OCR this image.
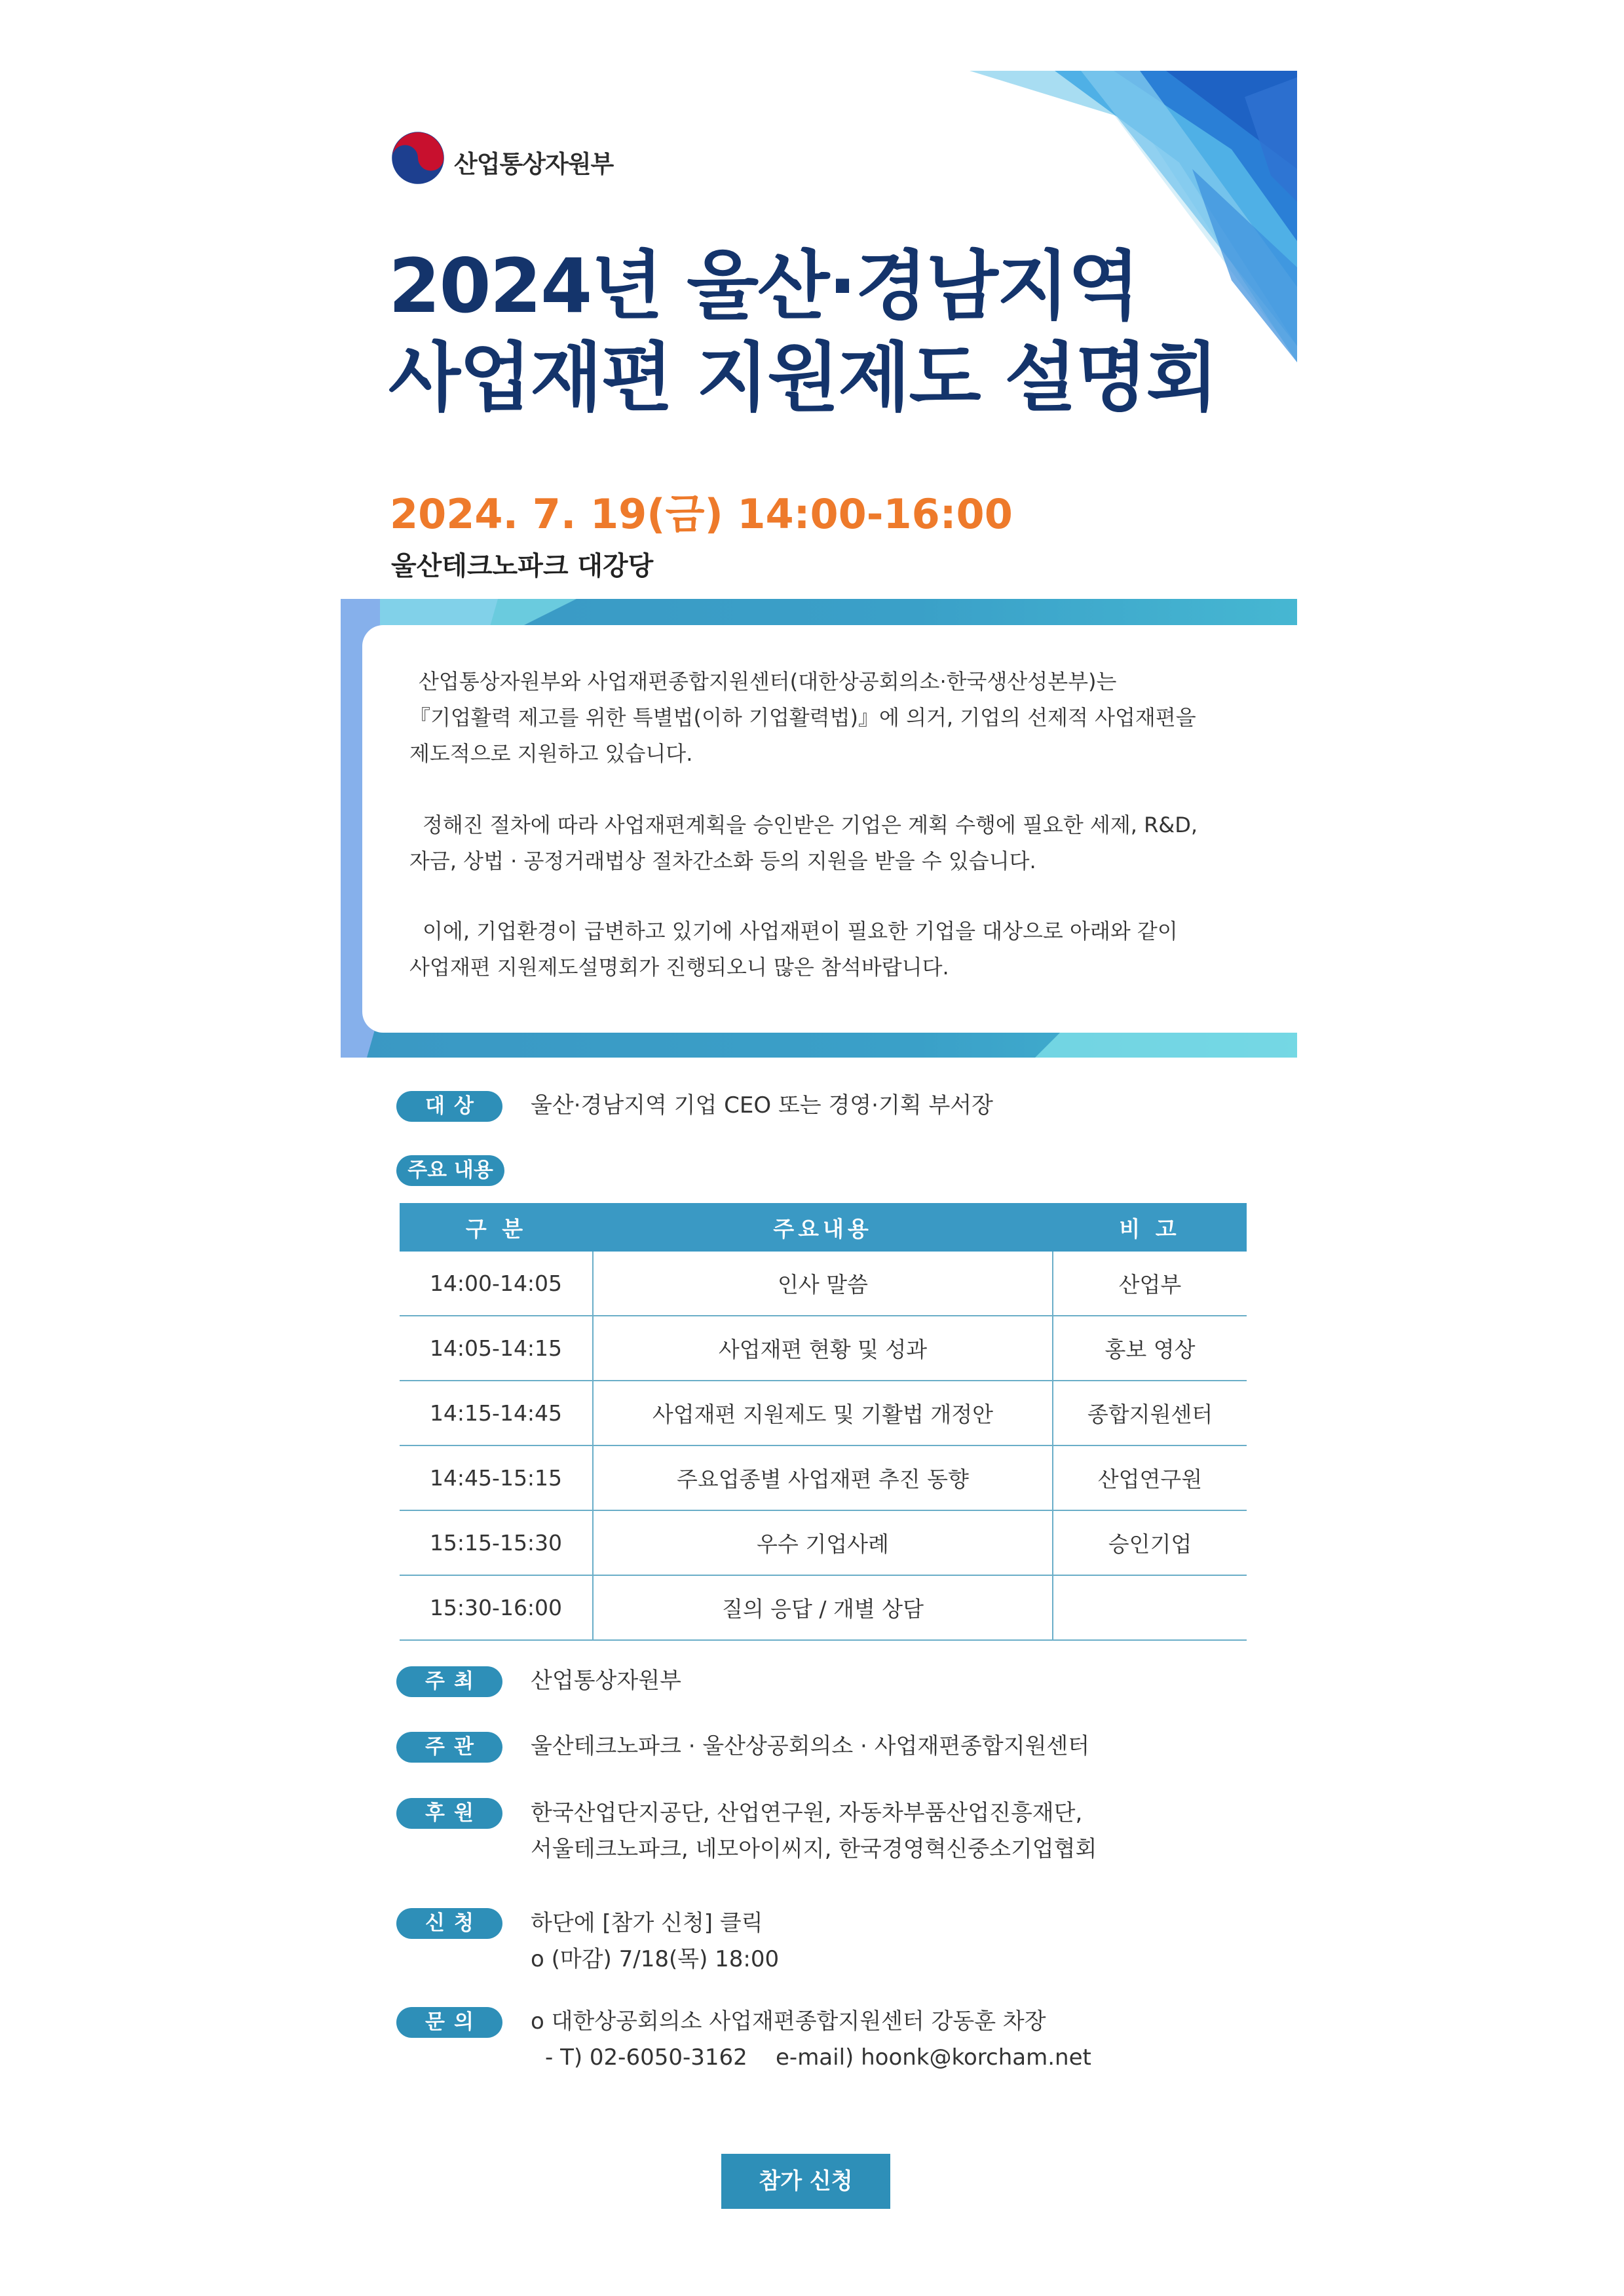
산업통상자원부
2024년 울산·경남지역
사업재편 지원제도 설명회
2024. 7. 19(금) 14:00-16:00
울산테크노파크 대강당
산업통상자원부와 사업재편종합지원센터(대한상공회의소·한국생산성본부)는
『기업활력 제고를 위한 특별법(이하 기업활력법)』에 의거, 기업의 선제적 사업재편을
제도적으로 지원하고 있습니다.
정해진 절차에 따라 사업재편계획을 승인받은 기업은 계획 수행에 필요한 세제, R&D,
자금, 상법 · 공정거래법상 절차간소화 등의 지원을 받을 수 있습니다.
이에, 기업환경이 급변하고 있기에 사업재편이 필요한 기업을 대상으로 아래와 같이
사업재편 지원제도설명회가 진행되오니 많은 참석바랍니다.
대상	울산·경남지역 기업 CEO 또는 경영·기획 부서장
주요 내용
구 분	주요내용	비 고
14:00-14:05	인사 말씀	산업부
14:05-14:15	사업재편 현황 및 성과	홍보 영상
14:15-14:45	사업재편 지원제도 및 기활법 개정안	종합지원센터
14:45-15:15	주요업종별 사업재편 추진 동향	산업연구원
15:15-15:30	우수 기업사례	승인기업
15:30-16:00	질의 응답 / 개별 상담	
주최	산업통상자원부
주관	울산테크노파크 · 울산상공회의소 · 사업재편종합지원센터
후원	한국산업단지공단, 산업연구원, 자동차부품산업진흥재단,
서울테크노파크, 네모아이씨지, 한국경영혁신중소기업협회
신청	하단에 [참가 신청] 클릭
o (마감) 7/18(목) 18:00
문의	o 대한상공회의소 사업재편종합지원센터 강동훈 차장
- T) 02-6050-3162    e-mail) hoonk@korcham.net
참가 신청
